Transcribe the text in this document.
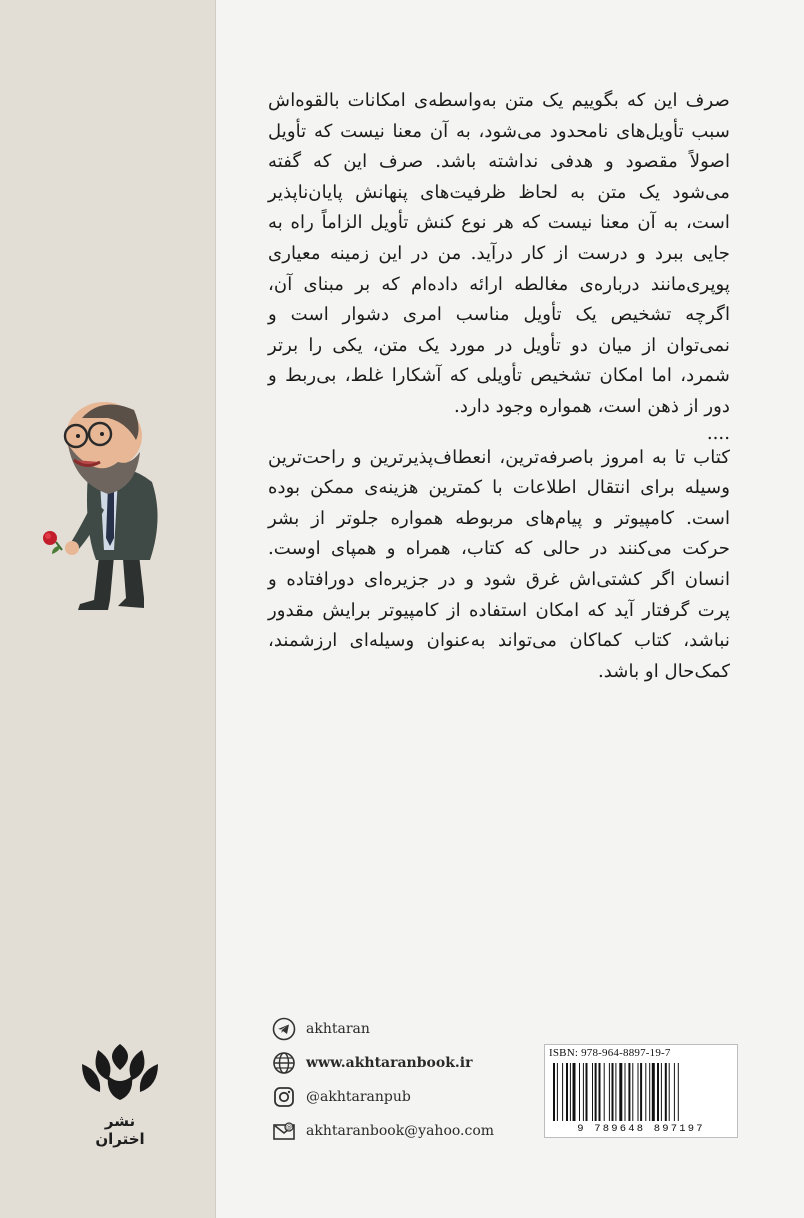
صرف این که بگوییم یک متن به‌واسطه‌ی امکانات بالقوه‌اش سبب تأویل‌های نامحدود می‌شود، به آن معنا نیست که تأویل اصولاً مقصود و هدفی نداشته باشد. صرف این که گفته می‌شود یک متن به لحاظ ظرفیت‌های پنهانش پایان‌ناپذیر است، به آن معنا نیست که هر نوع کنش تأویل الزاماً راه به جایی ببرد و درست از کار درآید. من در این زمینه معیاری پوپری‌مانند درباره‌ی مغالطه ارائه داده‌ام که بر مبنای آن، اگرچه تشخیص یک تأویل مناسب امری دشوار است و نمی‌توان از میان دو تأویل در مورد یک متن، یکی را برتر شمرد، اما امکان تشخیص تأویلی که آشکارا غلط، بی‌ربط و دور از ذهن است، همواره وجود دارد.

....

کتاب تا به امروز باصرفه‌ترین، انعطاف‌پذیرترین و راحت‌ترین وسیله برای انتقال اطلاعات با کمترین هزینه‌ی ممکن بوده است. کامپیوتر و پیام‌های مربوطه همواره جلوتر از بشر حرکت می‌کنند در حالی که کتاب، همراه و همپای اوست. انسان اگر کشتی‌اش غرق شود و در جزیره‌ای دورافتاده و پرت گرفتار آید که امکان استفاده از کامپیوتر برایش مقدور نباشد، کتاب کماکان می‌تواند به‌عنوان وسیله‌ای ارزشمند، کمک‌حال او باشد.

akhtaran
www.akhtaranbook.ir
@akhtaranpub
@ akhtaranbook@yahoo.com
ISBN: 978-964-8897-19-7
9 789648 897197
نشر اختران
